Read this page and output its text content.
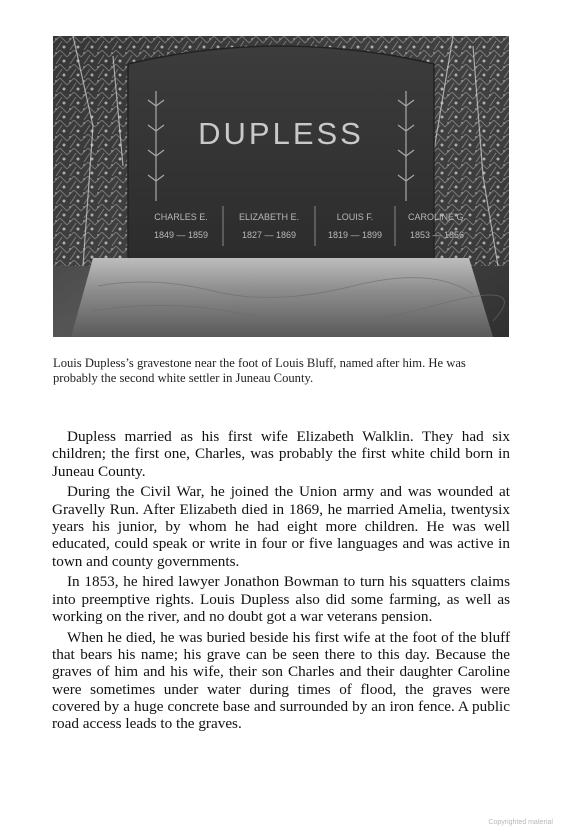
DUPLESS
CHARLES E.
1849 — 1859
ELIZABETH E.
1827 — 1869
LOUIS F.
1819 — 1899
CAROLINE G.
1853 — 1856
Louis Dupless’s gravestone near the foot of Louis Bluff, named after him. He was probably the second white settler in Juneau County.

Dupless married as his first wife Elizabeth Walklin. They had six children; the first one, Charles, was probably the first white child born in Juneau County.

During the Civil War, he joined the Union army and was wounded at Gravelly Run. After Elizabeth died in 1869, he married Amelia, twentysix years his junior, by whom he had eight more children. He was well educated, could speak or write in four or five languages and was active in town and county governments.

In 1853, he hired lawyer Jonathon Bowman to turn his squatters claims into preemptive rights. Louis Dupless also did some farming, as well as working on the river, and no doubt got a war veterans pension.

When he died, he was buried beside his first wife at the foot of the bluff that bears his name; his grave can be seen there to this day. Because the graves of him and his wife, their son Charles and their daughter Caroline were sometimes under water during times of flood, the graves were covered by a huge concrete base and surrounded by an iron fence. A public road access leads to the graves.

Copyrighted material
